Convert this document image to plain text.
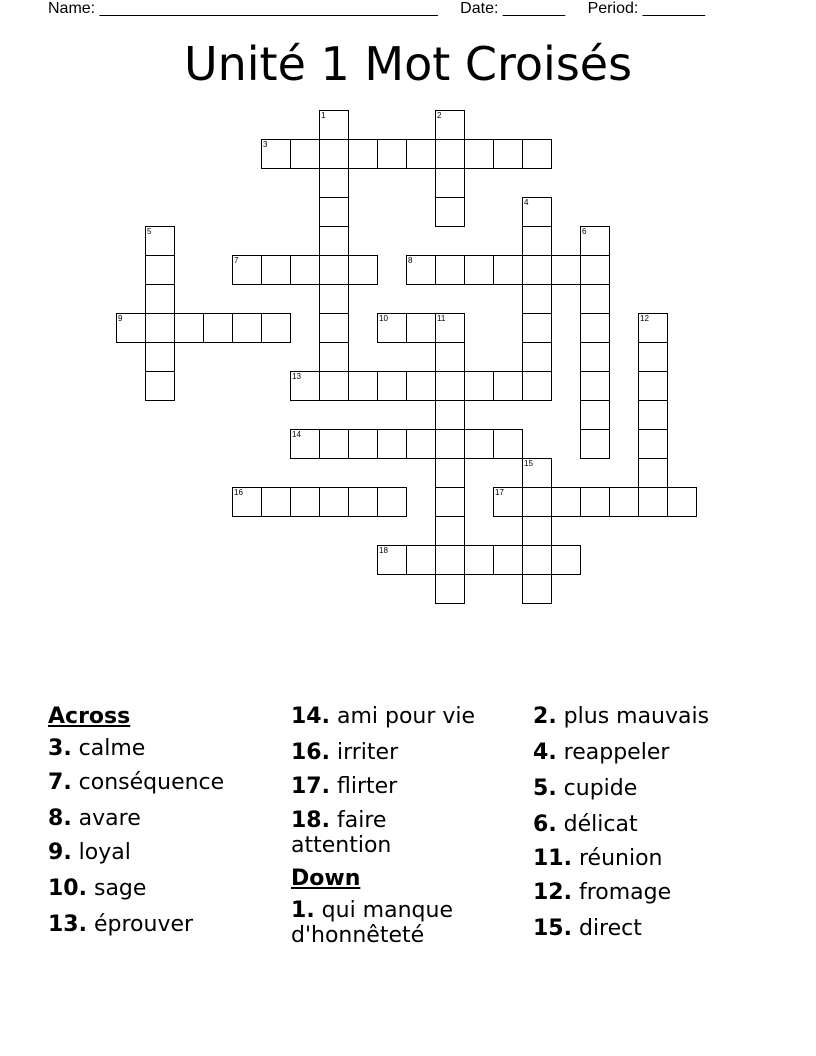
Name: ______________________________________ Date: _______ Period: _______
Unité 1 Mot Croisés
1	2
3
4
5	6
7	8
9	10	11	12
13
14
15
16	17
18
Across
3. calme
7. conséquence
8. avare
9. loyal
10. sage
13. éprouver
14. ami pour vie
16. irriter
17. flirter
18. faire
attention
Down
1. qui manque
d'honnêteté
2. plus mauvais
4. reappeler
5. cupide
6. délicat
11. réunion
12. fromage
15. direct
